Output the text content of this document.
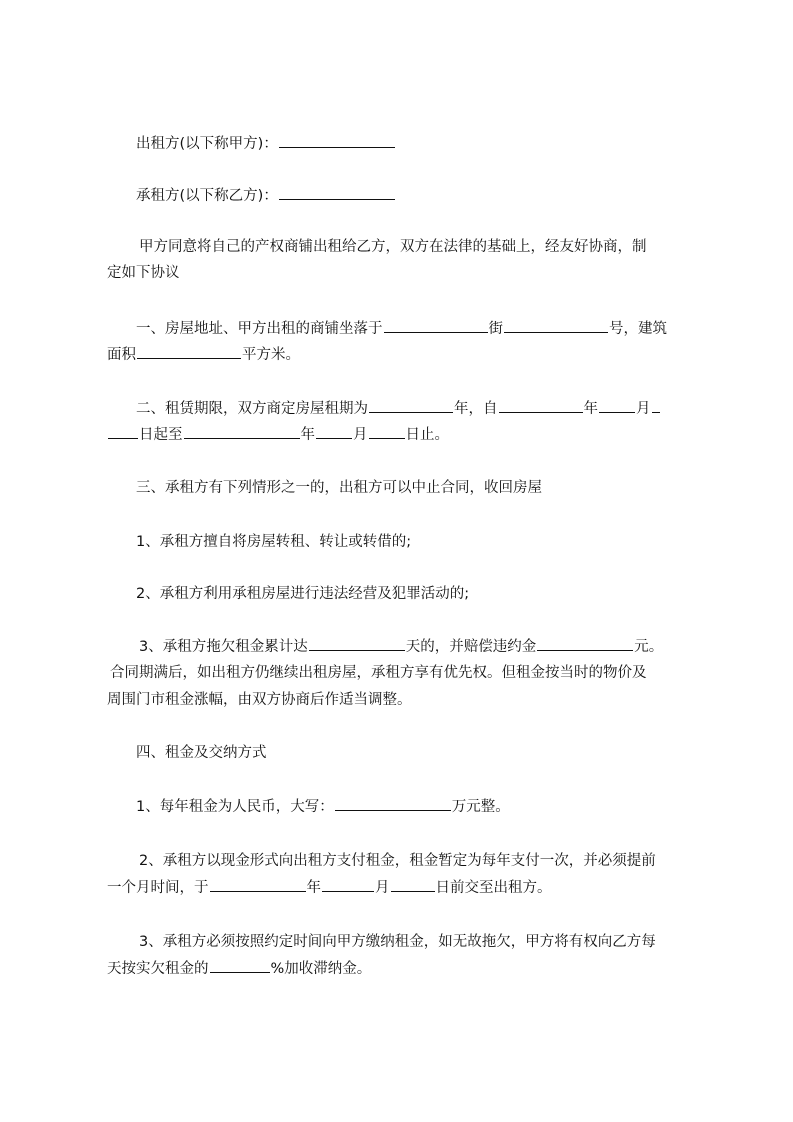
出租方(以下称甲方)：
承租方(以下称乙方)：
甲方同意将自己的产权商铺出租给乙方，双方在法律的基础上，经友好协商，制
定如下协议
一、房屋地址、甲方出租的商铺坐落于	街	号，建筑
面积	平方米。
二、租赁期限，双方商定房屋租期为	年，自	年	月
日起至	年	月	日止。
三、承租方有下列情形之一的，出租方可以中止合同，收回房屋
1、承租方擅自将房屋转租、转让或转借的;
2、承租方利用承租房屋进行违法经营及犯罪活动的;
3、承租方拖欠租金累计达	天的，并赔偿违约金	元。
合同期满后，如出租方仍继续出租房屋，承租方享有优先权。但租金按当时的物价及
周围门市租金涨幅，由双方协商后作适当调整。
四、租金及交纳方式
1、每年租金为人民币，大写：	万元整。
2、承租方以现金形式向出租方支付租金，租金暂定为每年支付一次，并必须提前
一个月时间，于	年	月	日前交至出租方。
3、承租方必须按照约定时间向甲方缴纳租金，如无故拖欠，甲方将有权向乙方每
天按实欠租金的	%加收滞纳金。
